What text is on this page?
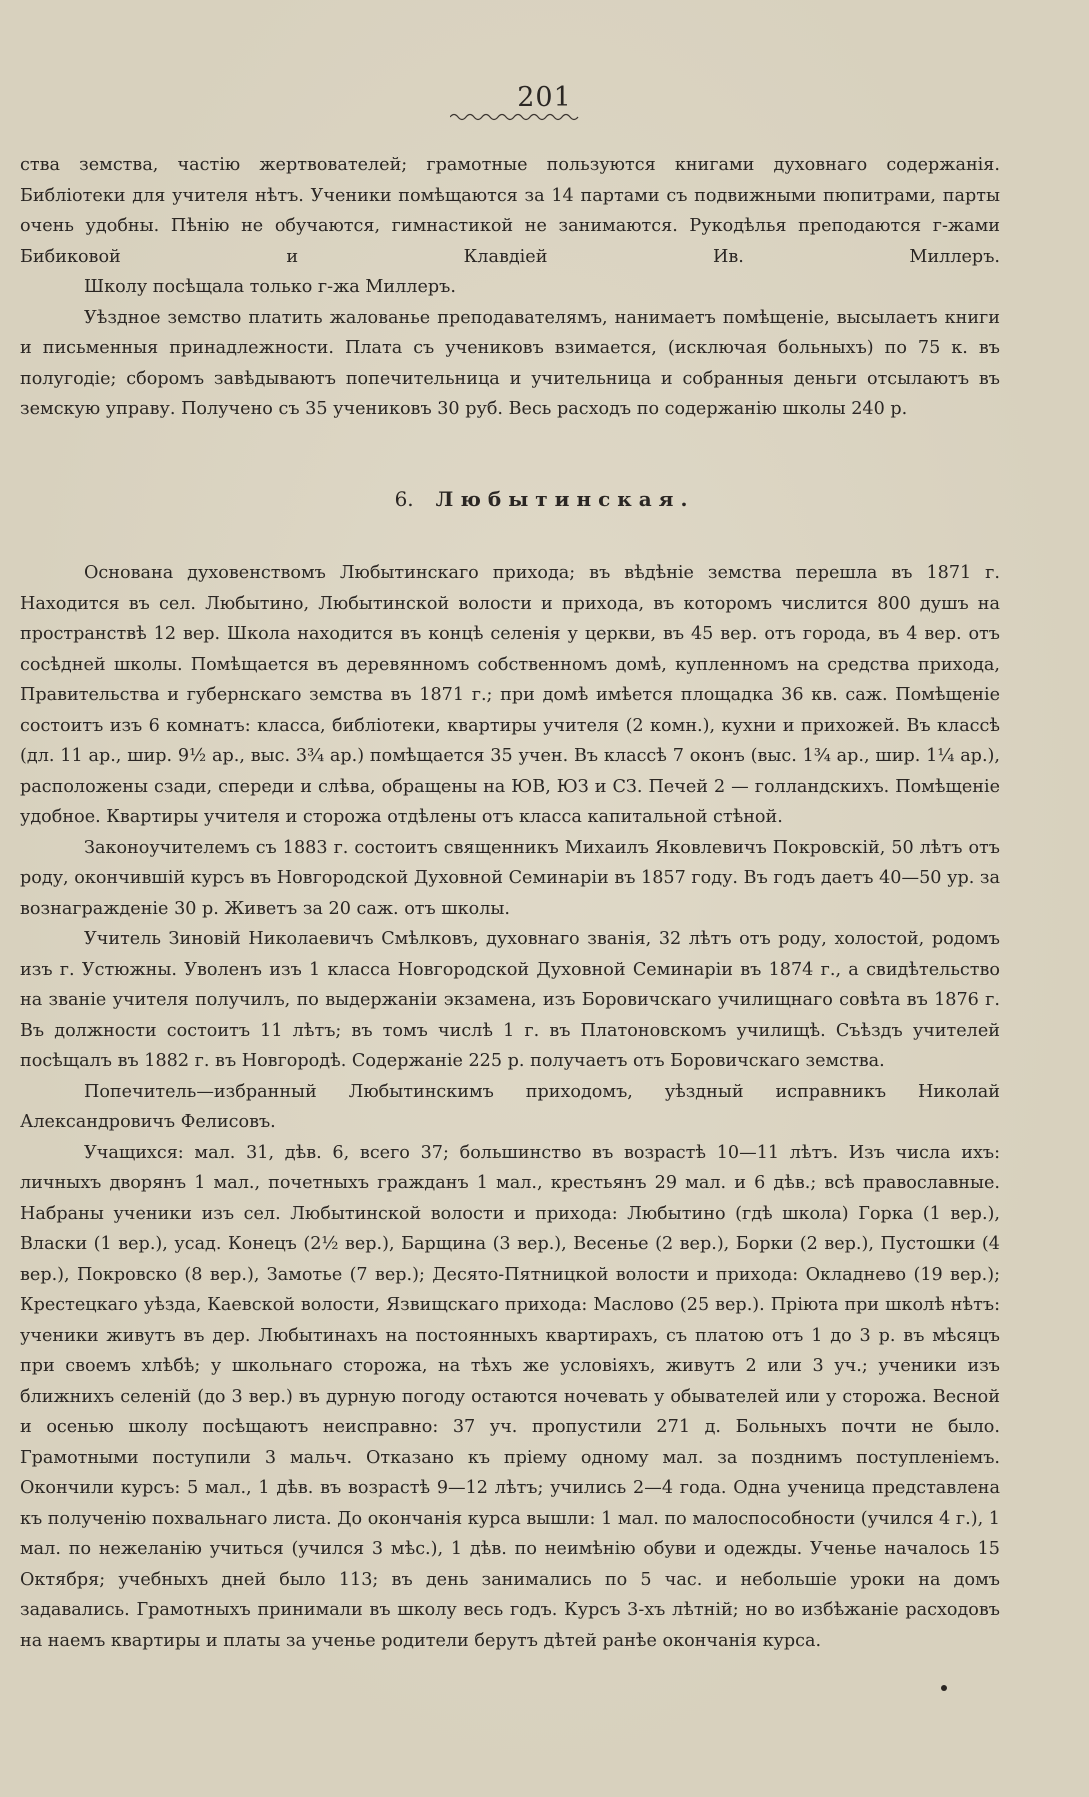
201

ства земства, частію жертвователей; грамотные пользуются книгами духовнаго содержанія. Библіотеки для учителя нѣтъ. Ученики помѣщаются за 14 партами съ подвижными пюпитрами, парты очень удобны. Пѣнію не обучаются, гимнастикой не занимаются. Рукодѣлья преподаются г-жами Бибиковой и Клавдіей Ив. Миллеръ.

Школу посѣщала только г-жа Миллеръ.

Уѣздное земство платить жалованье преподавателямъ, нанимаетъ помѣщеніе, высылаетъ книги и письменныя принадлежности. Плата съ учениковъ взимается, (исключая больныхъ) по 75 к. въ полугодіе; сборомъ завѣдываютъ попечительница и учительница и собранныя деньги отсылаютъ въ земскую управу. Получено съ 35 учениковъ 30 руб. Весь расходъ по содержанію школы 240 р.

6. Любытинская.

Основана духовенствомъ Любытинскаго прихода; въ вѣдѣніе земства перешла въ 1871 г. Находится въ сел. Любытино, Любытинской волости и прихода, въ которомъ числится 800 душъ на пространствѣ 12 вер. Школа находится въ концѣ селенія у церкви, въ 45 вер. отъ города, въ 4 вер. отъ сосѣдней школы. Помѣщается въ деревянномъ собственномъ домѣ, купленномъ на средства прихода, Правительства и губернскаго земства въ 1871 г.; при домѣ имѣется площадка 36 кв. саж. Помѣщеніе состоитъ изъ 6 комнатъ: класса, библіотеки, квартиры учителя (2 комн.), кухни и прихожей. Въ классѣ (дл. 11 ар., шир. 9½ ар., выс. 3¾ ар.) помѣщается 35 учен. Въ классѣ 7 оконъ (выс. 1¾ ар., шир. 1¼ ар.), расположены сзади, спереди и слѣва, обращены на ЮВ, ЮЗ и СЗ. Печей 2 — голландскихъ. Помѣщеніе удобное. Квартиры учителя и сторожа отдѣлены отъ класса капитальной стѣной.

Законоучителемъ съ 1883 г. состоитъ священникъ Михаилъ Яковлевичъ Покровскій, 50 лѣтъ отъ роду, окончившій курсъ въ Новгородской Духовной Семинаріи въ 1857 году. Въ годъ даетъ 40—50 ур. за вознагражденіе 30 р. Живетъ за 20 саж. отъ школы.

Учитель Зиновій Николаевичъ Смѣлковъ, духовнаго званія, 32 лѣтъ отъ роду, холостой, родомъ изъ г. Устюжны. Уволенъ изъ 1 класса Новгородской Духовной Семинаріи въ 1874 г., а свидѣтельство на званіе учителя получилъ, по выдержаніи экзамена, изъ Боровичскаго училищнаго совѣта въ 1876 г. Въ должности состоитъ 11 лѣтъ; въ томъ числѣ 1 г. въ Платоновскомъ училищѣ. Съѣздъ учителей посѣщалъ въ 1882 г. въ Новгородѣ. Содержаніе 225 р. получаетъ отъ Боровичскаго земства.

Попечитель—избранный Любытинскимъ приходомъ, уѣздный исправникъ Николай Александровичъ Фелисовъ.

Учащихся: мал. 31, дѣв. 6, всего 37; большинство въ возрастѣ 10—11 лѣтъ. Изъ числа ихъ: личныхъ дворянъ 1 мал., почетныхъ гражданъ 1 мал., крестьянъ 29 мал. и 6 дѣв.; всѣ православные. Набраны ученики изъ сел. Любытинской волости и прихода: Любытино (гдѣ школа) Горка (1 вер.), Власки (1 вер.), усад. Конецъ (2½ вер.), Барщина (3 вер.), Весенье (2 вер.), Борки (2 вер.), Пустошки (4 вер.), Покровско (8 вер.), Замотье (7 вер.); Десято-Пятницкой волости и прихода: Окладнево (19 вер.); Крестецкаго уѣзда, Каевской волости, Язвищскаго прихода: Маслово (25 вер.). Пріюта при школѣ нѣтъ: ученики живутъ въ дер. Любытинахъ на постоянныхъ квартирахъ, съ платою отъ 1 до 3 р. въ мѣсяцъ при своемъ хлѣбѣ; у школьнаго сторожа, на тѣхъ же условіяхъ, живутъ 2 или 3 уч.; ученики изъ ближнихъ селеній (до 3 вер.) въ дурную погоду остаются ночевать у обывателей или у сторожа. Весной и осенью школу посѣщаютъ неисправно: 37 уч. пропустили 271 д. Больныхъ почти не было. Грамотными поступили 3 мальч. Отказано къ пріему одному мал. за позднимъ поступленіемъ. Окончили курсъ: 5 мал., 1 дѣв. въ возрастѣ 9—12 лѣтъ; учились 2—4 года. Одна ученица представлена къ полученію похвальнаго листа. До окончанія курса вышли: 1 мал. по малоспособности (учился 4 г.), 1 мал. по нежеланію учиться (учился 3 мѣс.), 1 дѣв. по неимѣнію обуви и одежды. Ученье началось 15 Октября; учебныхъ дней было 113; въ день занимались по 5 час. и небольшіе уроки на домъ задавались. Грамотныхъ принимали въ школу весь годъ. Курсъ 3-хъ лѣтній; но во избѣжаніе расходовъ на наемъ квартиры и платы за ученье родители берутъ дѣтей ранѣе окончанія курса.
